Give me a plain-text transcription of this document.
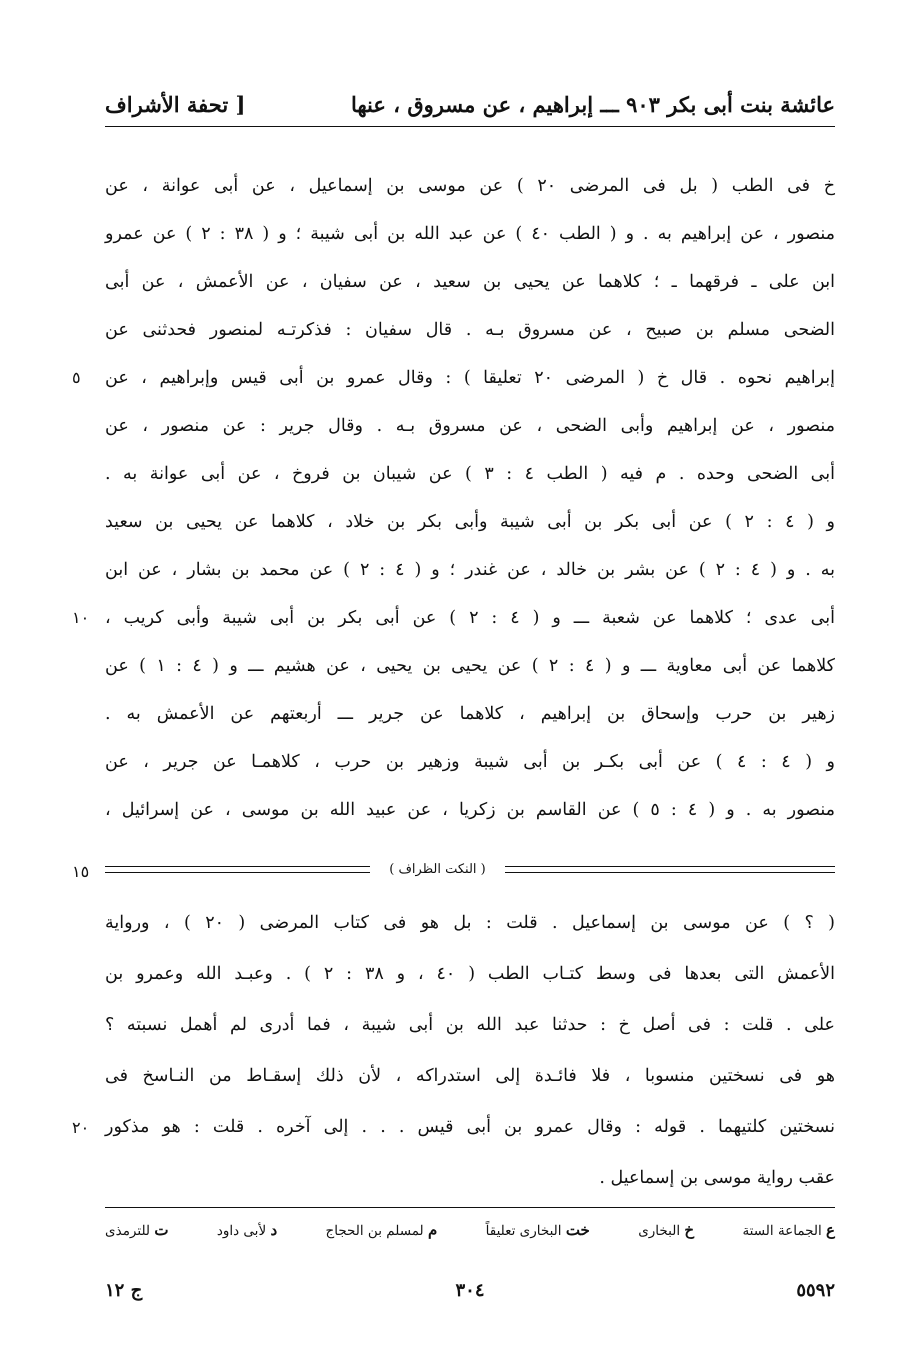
[ تحفة الأشراف	عائشة بنت أبى بكر ٩٠٣ ـــ إبراهيم ، عن مسروق ، عنها
خ فى الطب ( بل فى المرضى ٢٠ ) عن موسى بن إسماعيل ، عن أبى عوانة ، عن
منصور ، عن إبراهيم به . و ( الطب ٤٠ ) عن عبد الله بن أبى شيبة ؛ و ( ٣٨ : ٢ ) عن عمرو
ابن على ـ فرقهما ـ ؛ كلاهما عن يحيى بن سعيد ، عن سفيان ، عن الأعمش ، عن أبى
الضحى مسلم بن صبيح ، عن مسروق بـه . قال سفيان : فذكرتـه لمنصور فحدثنى عن
إبراهيم نحوه . قال خ ( المرضى ٢٠ تعليقا ) : وقال عمرو بن أبى قيس وإبراهيم ، عن
منصور ، عن إبراهيم وأبى الضحى ، عن مسروق بـه . وقال جرير : عن منصور ، عن
أبى الضحى وحده . م فيه ( الطب ٤ : ٣ ) عن شيبان بن فروخ ، عن أبى عوانة به .
و ( ٤ : ٢ ) عن أبى بكر بن أبى شيبة وأبى بكر بن خلاد ، كلاهما عن يحيى بن سعيد
به . و ( ٤ : ٢ ) عن بشر بن خالد ، عن غندر ؛ و ( ٤ : ٢ ) عن محمد بن بشار ، عن ابن
أبى عدى ؛ كلاهما عن شعبة ـــ و ( ٤ : ٢ ) عن أبى بكر بن أبى شيبة وأبى كريب ،
كلاهما عن أبى معاوية ـــ و ( ٤ : ٢ ) عن يحيى بن يحيى ، عن هشيم ـــ و ( ٤ : ١ ) عن
زهير بن حرب وإسحاق بن إبراهيم ، كلاهما عن جرير ـــ أربعتهم عن الأعمش به .
و ( ٤ : ٤ ) عن أبى بكـر بن أبى شيبة وزهير بن حرب ، كلاهمـا عن جرير ، عن
منصور به . و ( ٤ : ٥ ) عن القاسم بن زكريا ، عن عبيد الله بن موسى ، عن إسرائيل ،
٥
١٠
١٥
٢٠
( النكت الظراف )
( ؟ ) عن موسى بن إسماعيل . قلت : بل هو فى كتاب المرضى ( ٢٠ ) ، ورواية
الأعمش التى بعدها فى وسط كتـاب الطب ( ٤٠ ، و ٣٨ : ٢ ) . وعبـد الله وعمرو بن
على . قلت : فى أصل خ : حدثنا عبد الله بن أبى شيبة ، فما أدرى لم أهمل نسبته ؟
هو فى نسختين منسوبا ، فلا فائـدة إلى استدراكه ، لأن ذلك إسقـاط من النـاسخ فى
نسختين كلتيهما . قوله : وقال عمرو بن أبى قيس . . . إلى آخره . قلت : هو مذكور
عقب رواية موسى بن إسماعيل .
ت للترمذى	د لأبى داود	م لمسلم بن الحجاج	خت البخارى تعليقاً	خ البخارى	ع الجماعة الستة
٣٠٤
ج ١٢	٥٥٩٢
